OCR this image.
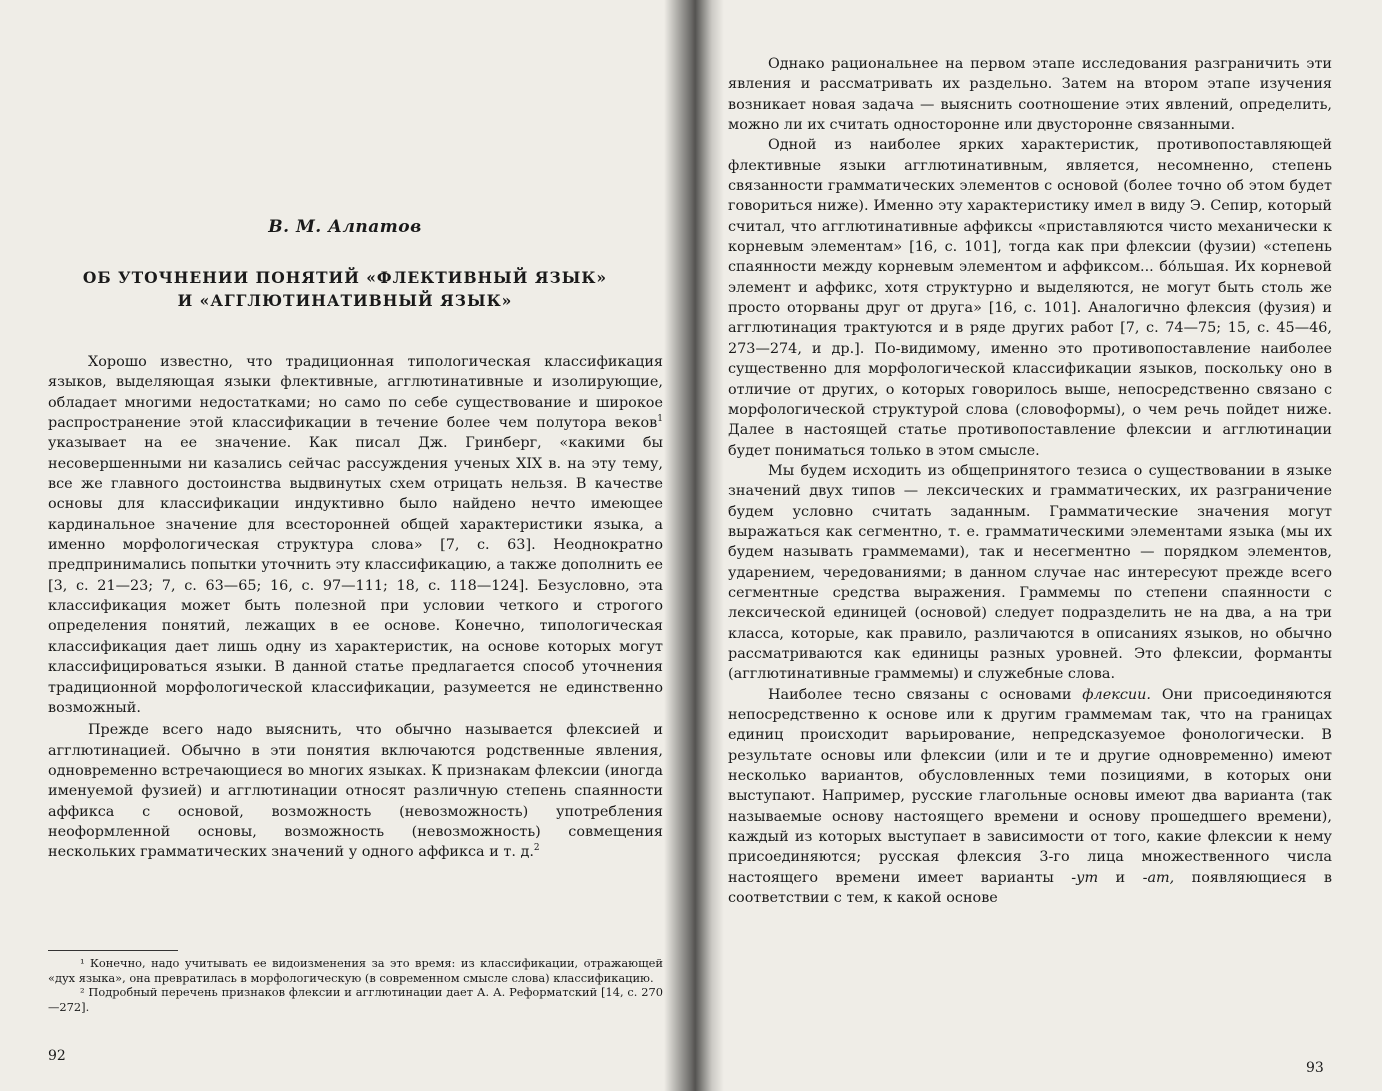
В. М. Алпатов
ОБ УТОЧНЕНИИ ПОНЯТИЙ «ФЛЕКТИВНЫЙ ЯЗЫК»
И «АГГЛЮТИНАТИВНЫЙ ЯЗЫК»

Хорошо известно, что традиционная типологическая классификация языков, выделяющая языки флективные, агглютинативные и изолирующие, обладает многими недостатками; но само по себе существование и широкое распространение этой классификации в течение более чем полутора веков$^1$ указывает на ее значение. Как писал Дж. Гринберг, «какими бы несовершенными ни казались сейчас рассуждения ученых XIX в. на эту тему, все же главного достоинства выдвинутых схем отрицать нельзя. В качестве основы для классификации индуктивно было найдено нечто имеющее кардинальное значение для всесторонней общей характеристики языка, а именно морфологическая структура слова» [7, с. 63]. Неоднократно предпринимались попытки уточнить эту классификацию, а также дополнить ее [3, с. 21—23; 7, с. 63—65; 16, с. 97—111; 18, с. 118—124]. Безусловно, эта классификация может быть полезной при условии четкого и строгого определения понятий, лежащих в ее основе. Конечно, типологическая классификация дает лишь одну из характеристик, на основе которых могут классифицироваться языки. В данной статье предлагается способ уточнения традиционной морфологической классификации, разумеется не единственно возможный.

Прежде всего надо выяснить, что обычно называется флексией и агглютинацией. Обычно в эти понятия включаются родственные явления, одновременно встречающиеся во многих языках. К признакам флексии (иногда именуемой фузией) и агглютинации относят различную степень спаянности аффикса с основой, возможность (невозможность) употребления неоформленной основы, возможность (невозможность) совмещения нескольких грамматических значений у одного аффикса и т. д.$^2$

¹ Конечно, надо учитывать ее видоизменения за это время: из классификации, отражающей «дух языка», она превратилась в морфологическую (в современном смысле слова) классификацию.

² Подробный перечень признаков флексии и агглютинации дает А. А. Реформатский [14, с. 270—272].

92

Однако рациональнее на первом этапе исследования разграничить эти явления и рассматривать их раздельно. Затем на втором этапе изучения возникает новая задача — выяснить соотношение этих явлений, определить, можно ли их считать односторонне или двусторонне связанными.

Одной из наиболее ярких характеристик, противопоставляющей флективные языки агглютинативным, является, несомненно, степень связанности грамматических элементов с основой (более точно об этом будет говориться ниже). Именно эту характеристику имел в виду Э. Сепир, который считал, что агглютинативные аффиксы «приставляются чисто механически к корневым элементам» [16, с. 101], тогда как при флексии (фузии) «степень спаянности между корневым элементом и аффиксом... бо́льшая. Их корневой элемент и аффикс, хотя структурно и выделяются, не могут быть столь же просто оторваны друг от друга» [16, с. 101]. Аналогично флексия (фузия) и агглютинация трактуются и в ряде других работ [7, с. 74—75; 15, с. 45—46, 273—274, и др.]. По-видимому, именно это противопоставление наиболее существенно для морфологической классификации языков, поскольку оно в отличие от других, о которых говорилось выше, непосредственно связано с морфологической структурой слова (словоформы), о чем речь пойдет ниже. Далее в настоящей статье противопоставление флексии и агглютинации будет пониматься только в этом смысле.

Мы будем исходить из общепринятого тезиса о существовании в языке значений двух типов — лексических и грамматических, их разграничение будем условно считать заданным. Грамматические значения могут выражаться как сегментно, т. е. грамматическими элементами языка (мы их будем называть граммемами), так и несегментно — порядком элементов, ударением, чередованиями; в данном случае нас интересуют прежде всего сегментные средства выражения. Граммемы по степени спаянности с лексической единицей (основой) следует подразделить не на два, а на три класса, которые, как правило, различаются в описаниях языков, но обычно рассматриваются как единицы разных уровней. Это флексии, форманты (агглютинативные граммемы) и служебные слова.

Наиболее тесно связаны с основами флексии. Они присоединяются непосредственно к основе или к другим граммемам так, что на границах единиц происходит варьирование, непредсказуемое фонологически. В результате основы или флексии (или и те и другие одновременно) имеют несколько вариантов, обусловленных теми позициями, в которых они выступают. Например, русские глагольные основы имеют два варианта (так называемые основу настоящего времени и основу прошедшего времени), каждый из которых выступает в зависимости от того, какие флексии к нему присоединяются; русская флексия 3-го лица множественного числа настоящего времени имеет варианты -ут и -ат, появляющиеся в соответствии с тем, к какой основе

93
